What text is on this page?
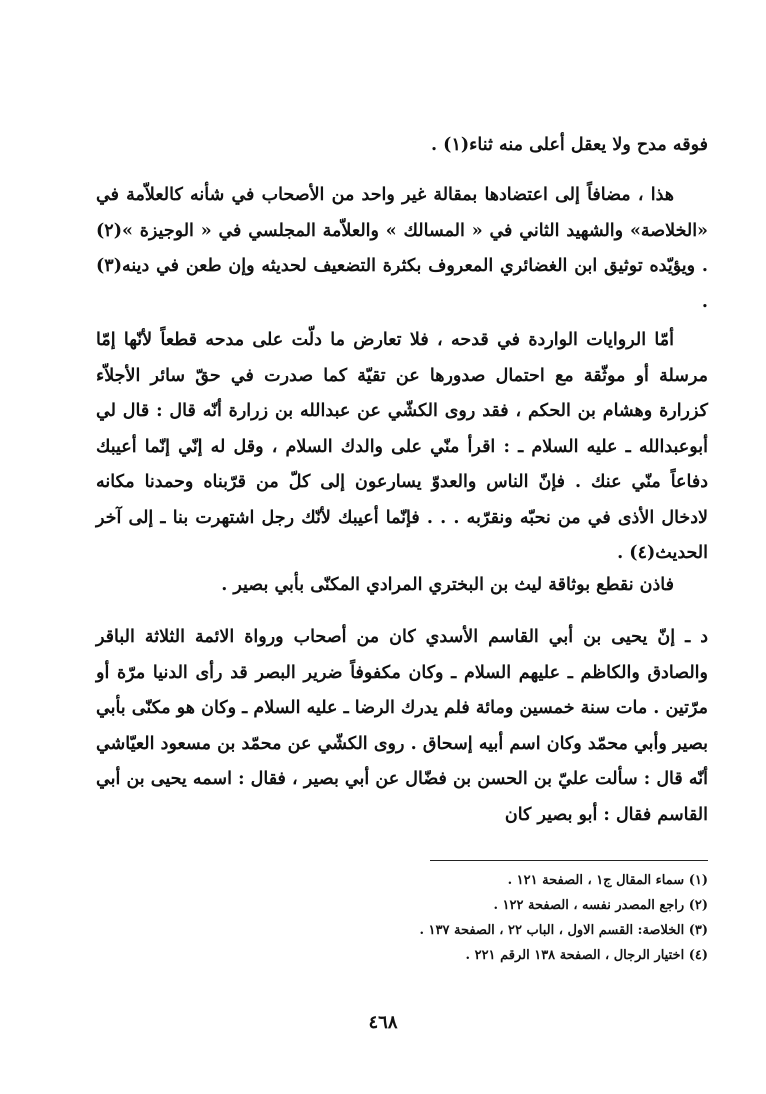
فوقه مدح ولا يعقل أعلى منه ثناء(١) .

هذا ، مضافاً إلى اعتضادها بمقالة غير واحد من الأصحاب في شأنه كالعلاّمة في «الخلاصة» والشهيد الثاني في « المسالك » والعلاّمة المجلسي في « الوجيزة »(٢) . ويؤيّده توثيق ابن الغضائري المعروف بكثرة التضعيف لحديثه وإن طعن في دينه(٣) .

أمّا الروايات الواردة في قدحه ، فلا تعارض ما دلّت على مدحه قطعاً لأنّها إمّا مرسلة أو موثّقة مع احتمال صدورها عن تقيّة كما صدرت في حقّ سائر الأجلاّء كزرارة وهشام بن الحكم ، فقد روى الكشّي عن عبدالله بن زرارة أنّه قال : قال لي أبوعبدالله ـ عليه السلام ـ : اقرأ منّي على والدك السلام ، وقل له إنّي إنّما أعيبك دفاعاً منّي عنك . فإنّ الناس والعدوّ يسارعون إلى كلّ من قرّبناه وحمدنا مكانه لادخال الأذى في من نحبّه ونقرّبه . . . فإنّما أعيبك لأنّك رجل اشتهرت بنا ـ إلى آخر الحديث(٤) .

فاذن نقطع بوثاقة ليث بن البختري المرادي المكنّى بأبي بصير .

د ـ إنّ يحيى بن أبي القاسم الأسدي كان من أصحاب ورواة الائمة الثلاثة الباقر والصادق والكاظم ـ عليهم السلام ـ وكان مكفوفاً ضرير البصر قد رأى الدنيا مرّة أو مرّتين . مات سنة خمسين ومائة فلم يدرك الرضا ـ عليه السلام ـ وكان هو مكنّى بأبي بصير وأبي محمّد وكان اسم أبيه إسحاق . روى الكشّي عن محمّد بن مسعود العيّاشي أنّه قال : سألت عليّ بن الحسن بن فضّال عن أبي بصير ، فقال : اسمه يحيى بن أبي القاسم فقال : أبو بصير كان

(١) سماء المقال ج١ ، الصفحة ١٢١ .

(٢) راجع المصدر نفسه ، الصفحة ١٢٢ .

(٣) الخلاصة: القسم الاول ، الباب ٢٢ ، الصفحة ١٣٧ .

(٤) اختيار الرجال ، الصفحة ١٣٨ الرقم ٢٢١ .

٤٦٨
